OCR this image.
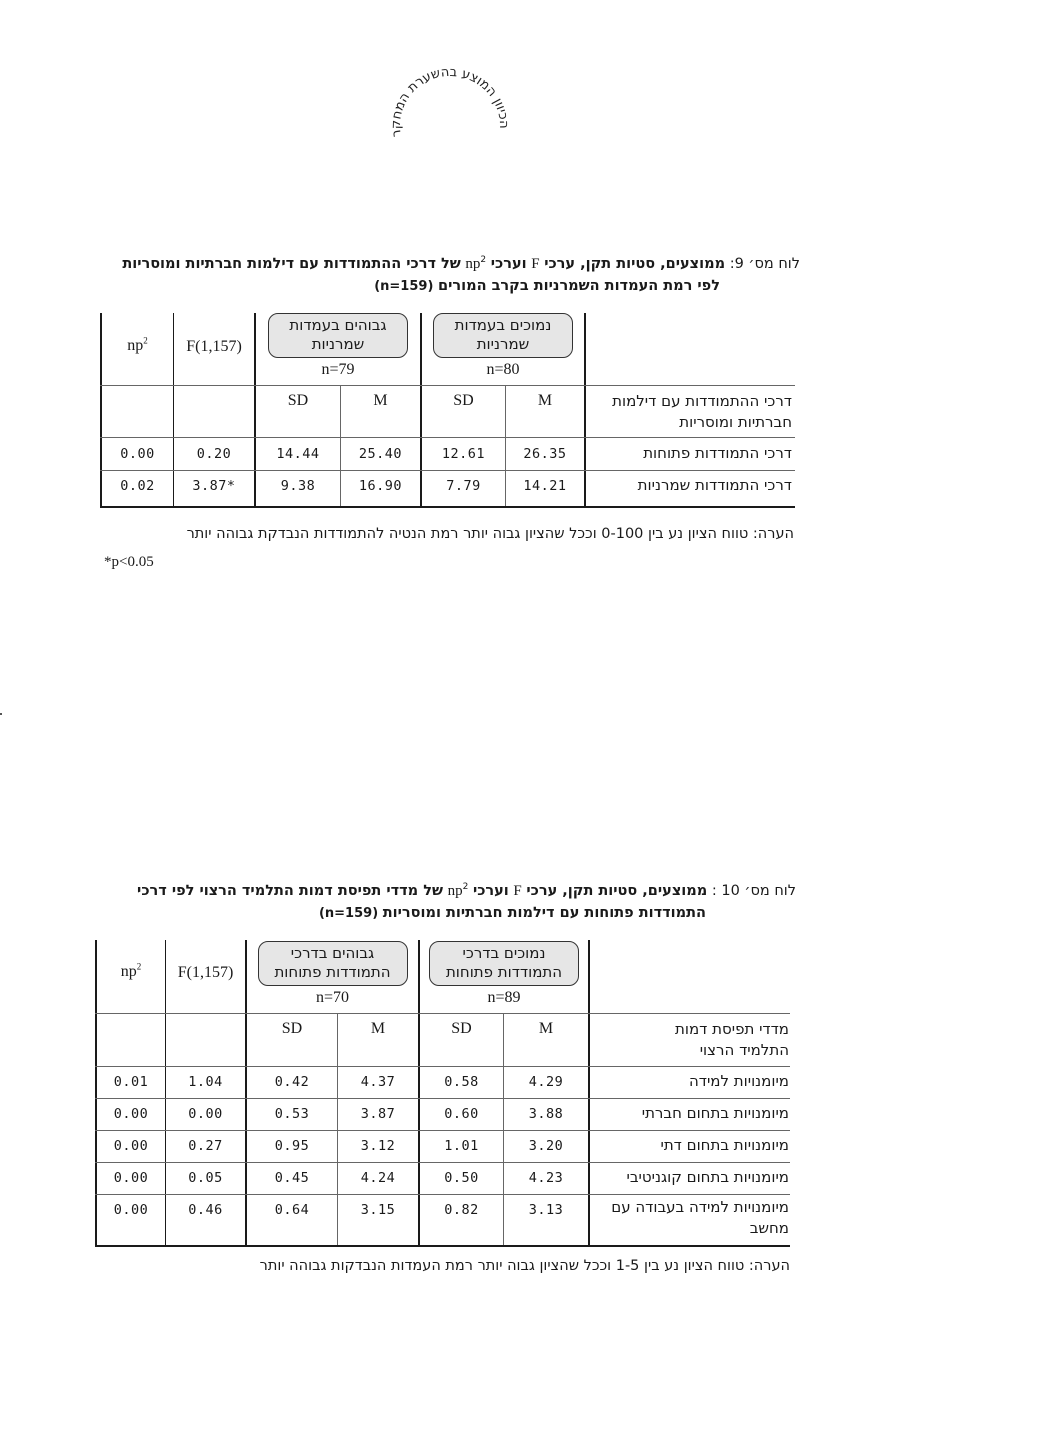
הכיוון המוצע בהשערת המחקר
לוח מס׳ 9: ממוצעים, סטיות תקן, ערכי F וערכי $np^2$ של דרכי ההתמודדות עם דילמות חברתיות ומוסריות
לפי רמת העמדות השמרניות בקרב המורים (n=159)
$np^2$	F(1,157)
גבוהים בעמדות שמרניות
n=79
נמוכים בעמדות שמרניות
n=80
SD	M	SD	M	דרכי ההתמודדות עם דילמות חברתיות ומוסריות
0.00	0.20	14.44	25.40	12.61	26.35	דרכי התמודדות פתוחות
0.02	3.87*	9.38	16.90	7.79	14.21	דרכי התמודדות שמרניות
הערה: טווח הציון נע בין 0-100 וככל שהציון גבוה יותר רמת הנטיה להתמודדות הנבדקת גבוהה יותר
*p<0.05
לוח מס׳ 10 : ממוצעים, סטיות תקן, ערכי F וערכי $np^2$ של מדדי תפיסת דמות התלמיד הרצוי לפי דרכי
התמודדות פתוחות עם דילמות חברתיות ומוסריות (n=159)
$np^2$	F(1,157)
גבוהים בדרכי התמודדות פתוחות
n=70
נמוכים בדרכי התמודדות פתוחות
n=89
SD	M	SD	M	מדדי תפיסת דמות התלמיד הרצוי
0.01	1.04	0.42	4.37	0.58	4.29	מיומנויות למידה
0.00	0.00	0.53	3.87	0.60	3.88	מיומנויות בתחום חברתי
0.00	0.27	0.95	3.12	1.01	3.20	מיומנויות בתחום דתי
0.00	0.05	0.45	4.24	0.50	4.23	מיומנויות בתחום קוגניטיבי
0.00	0.46	0.64	3.15	0.82	3.13	מיומנויות למידה בעבודה עם מחשב
הערה: טווח הציון נע בין 1-5 וככל שהציון גבוה יותר רמת העמדות הנבדקות גבוהה יותר
